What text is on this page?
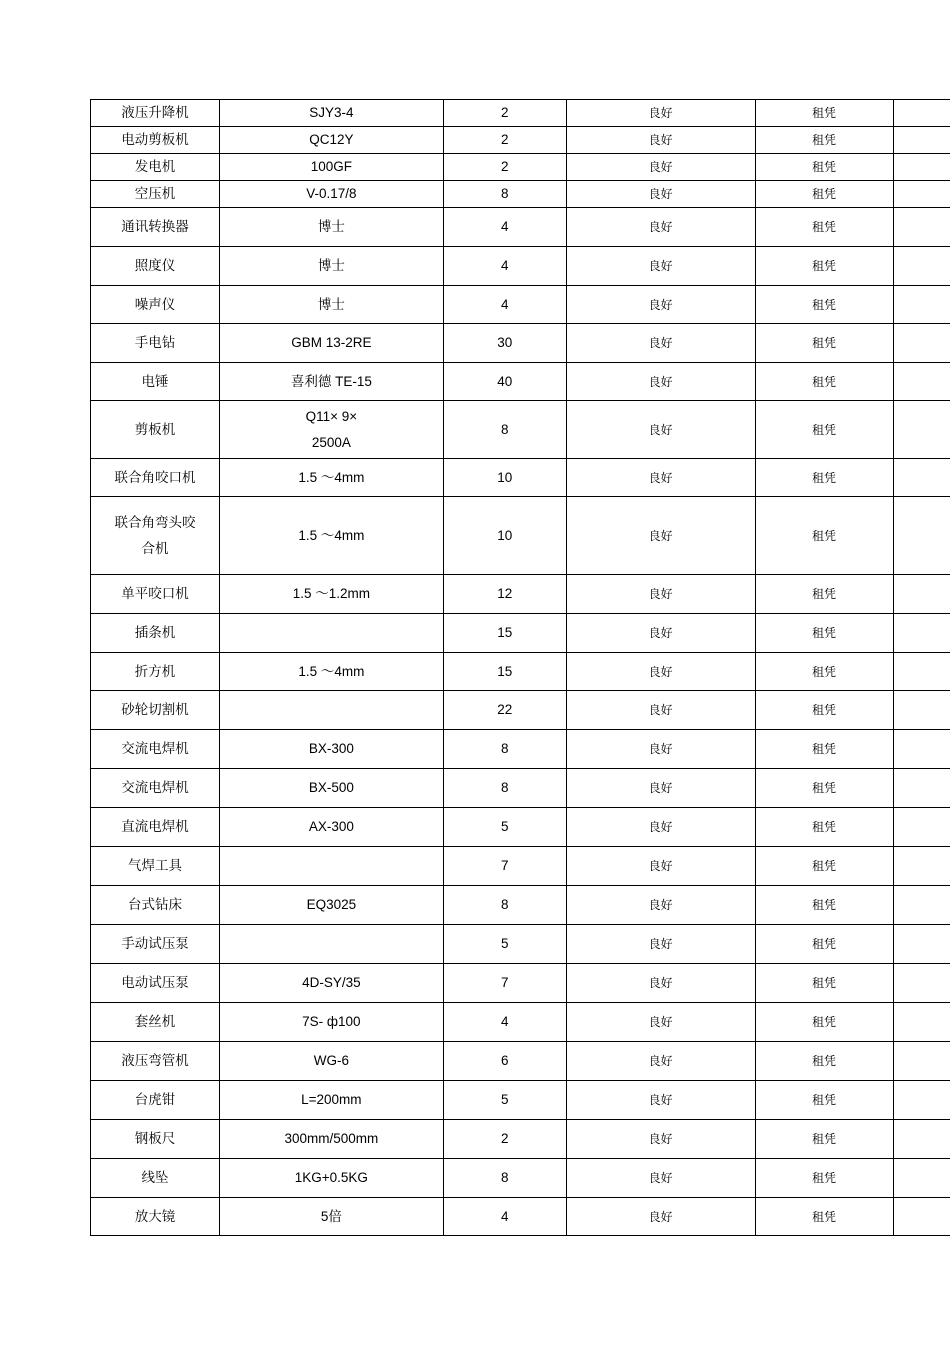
液压升降机	SJY3-4	2	良好	租凭	

电动剪板机	QC12Y	2	良好	租凭	

发电机	100GF	2	良好	租凭	

空压机	V-0.17/8	8	良好	租凭	

通讯转换器	博士	4	良好	租凭	

照度仪	博士	4	良好	租凭	

噪声仪	博士	4	良好	租凭	

手电钻	GBM 13-2RE	30	良好	租凭	

电锤	喜利德 TE-15	40	良好	租凭	

剪板机	Q11× 9×
2500A	8	良好	租凭	

联合角咬口机	1.5 ～4mm	10	良好	租凭	

联合角弯头咬
合机	1.5 ～4mm	10	良好	租凭	

单平咬口机	1.5 ～1.2mm	12	良好	租凭	

插条机		15	良好	租凭	

折方机	1.5 ～4mm	15	良好	租凭	

砂轮切割机		22	良好	租凭	

交流电焊机	BX-300	8	良好	租凭	

交流电焊机	BX-500	8	良好	租凭	

直流电焊机	AX-300	5	良好	租凭	

气焊工具		7	良好	租凭	

台式钻床	EQ3025	8	良好	租凭	

手动试压泵		5	良好	租凭	

电动试压泵	4D-SY/35	7	良好	租凭	

套丝机	7S- ф100	4	良好	租凭	

液压弯管机	WG-6	6	良好	租凭	

台虎钳	L=200mm	5	良好	租凭	

钢板尺	300mm/500mm	2	良好	租凭	

线坠	1KG+0.5KG	8	良好	租凭	

放大镜	5倍	4	良好	租凭	
